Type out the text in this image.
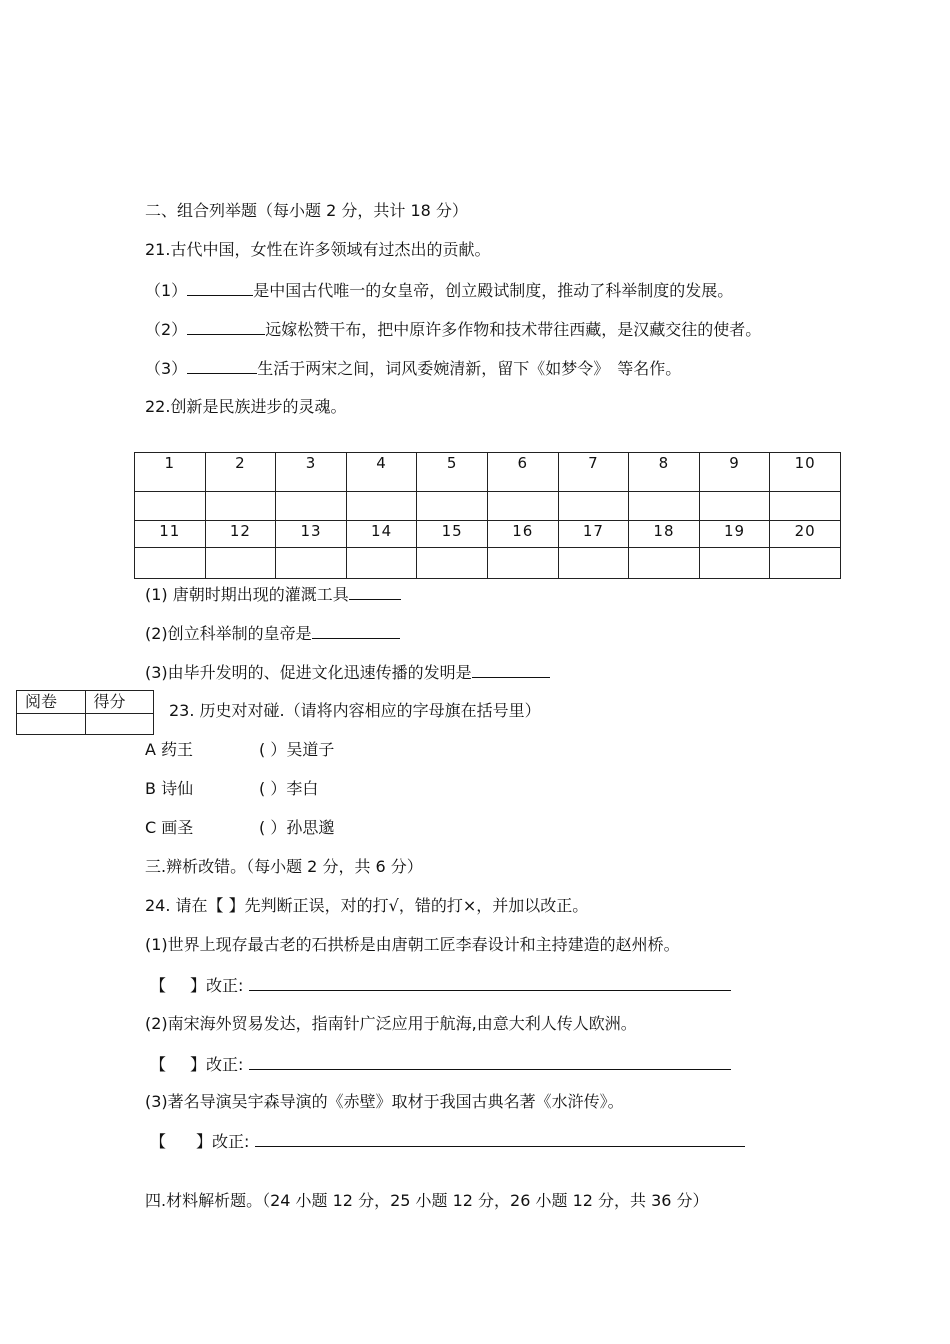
二、组合列举题（每小题 2 分，共计 18 分）
21.古代中国，女性在许多领域有过杰出的贡献。
（1）	是中国古代唯一的女皇帝，创立殿试制度，推动了科举制度的发展。
（2）	远嫁松赞干布，把中原许多作物和技术带往西藏，是汉藏交往的使者。
（3）	生活于两宋之间，词风委婉清新，留下《如梦令》　等名作。
22.创新是民族进步的灵魂。
1	2	3	4	5	6	7	8	9	10

11	12	13	14	15	16	17	18	19	20

(1) 唐朝时期出现的灌溉工具
(2)创立科举制的皇帝是
(3)由毕升发明的、促进文化迅速传播的发明是
阅卷	得分
		23. 历史对对碰.（请将内容相应的字母旗在括号里）
A 药王	( ）吴道子
B 诗仙	( ）李白
C 画圣	( ）孙思邈
三.辨析改错。（每小题 2 分，共 6 分）
24. 请在【 】先判断正误，对的打√，错的打×，并加以改正。
(1)世界上现存最古老的石拱桥是由唐朝工匠李春设计和主持建造的赵州桥。
【 】改正:
(2)南宋海外贸易发达，指南针广泛应用于航海,由意大利人传人欧洲。
【 】改正:
(3)著名导演吴宇森导演的《赤壁》取材于我国古典名著《水浒传》。
【 】改正:
四.材料解析题。（24 小题 12 分，25 小题 12 分，26 小题 12 分，共 36 分）
